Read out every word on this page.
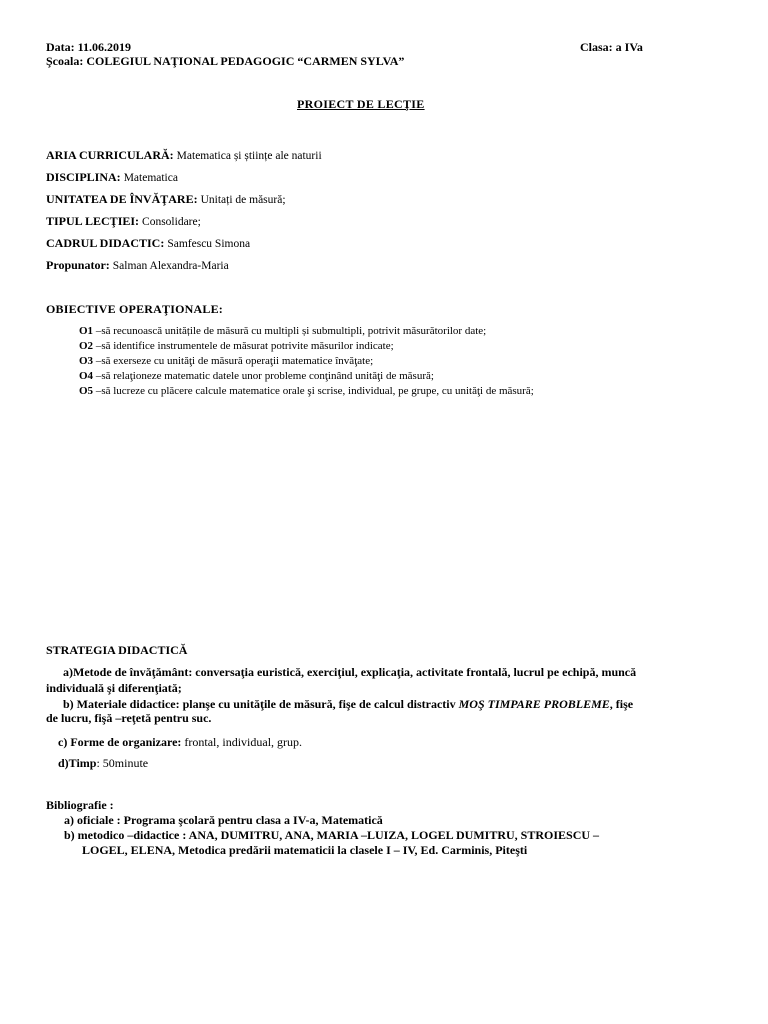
Data: 11.06.2019	Clasa: a IVa
Şcoala: COLEGIUL NAŢIONAL PEDAGOGIC “CARMEN SYLVA”
PROIECT DE LECŢIE
ARIA CURRICULARĂ: Matematica și științe ale naturii
DISCIPLINA: Matematica
UNITATEA DE ÎNVĂŢARE: Unitați de măsură;
TIPUL LECŢIEI: Consolidare;
CADRUL DIDACTIC: Samfescu Simona
Propunator: Salman Alexandra-Maria
OBIECTIVE OPERAŢIONALE:
O1 –să recunoască unitățile de măsură cu multipli și submultipli, potrivit măsurătorilor date;
O2 –să identifice instrumentele de măsurat potrivite măsurilor indicate;
O3 –să exerseze cu unităţi de măsură operaţii matematice învăţate;
O4 –să relaţioneze matematic datele unor probleme conţinând unităţi de măsură;
O5 –să lucreze cu plăcere calcule matematice orale şi scrise, individual, pe grupe, cu unităţi de măsură;
STRATEGIA DIDACTICĂ
a)Metode de învăţământ: conversaţia euristică, exerciţiul, explicaţia, activitate frontală, lucrul pe echipă, muncă
individuală şi diferenţiată;
b) Materiale didactice: planşe cu unităţile de măsură, fişe de calcul distractiv MOŞ TIMPARE PROBLEME, fişe
de lucru, fişă –reţetă pentru suc.
c) Forme de organizare: frontal, individual, grup.
d)Timp: 50minute
Bibliografie :
a) oficiale : Programa şcolară pentru clasa a IV-a, Matematică
b) metodico –didactice : ANA, DUMITRU, ANA, MARIA –LUIZA, LOGEL DUMITRU, STROIESCU –
LOGEL, ELENA, Metodica predării matematicii la clasele I – IV, Ed. Carminis, Piteşti
